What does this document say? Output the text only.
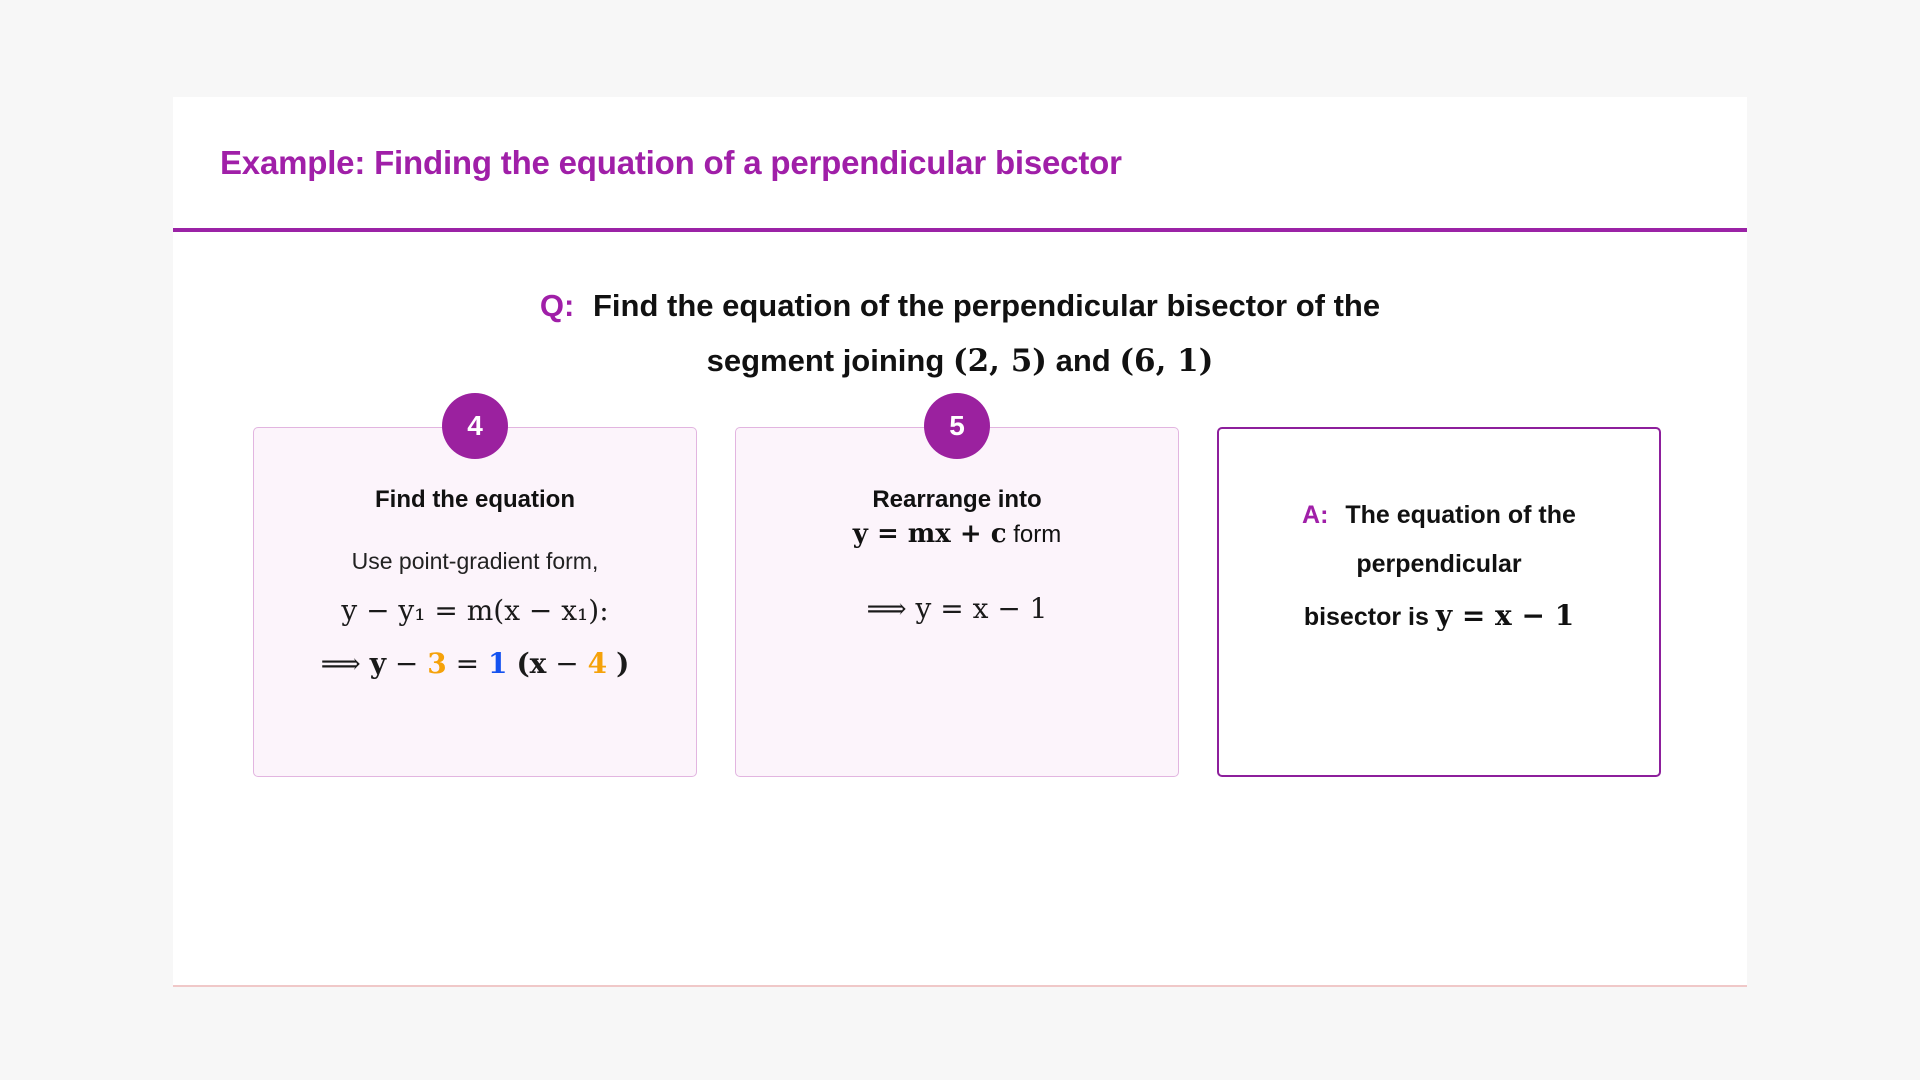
Example: Finding the equation of a perpendicular bisector
Q: Find the equation of the perpendicular bisector of the
segment joining (2, 5) and (6, 1)
4
Find the equation
Use point-gradient form,
y − y₁ = m(x − x₁):
⟹ y − 3 = 1 (x − 4 )
5
Rearrange into
y = mx + c form
⟹ y = x − 1
A: The equation of the
perpendicular
bisector is y = x − 1
